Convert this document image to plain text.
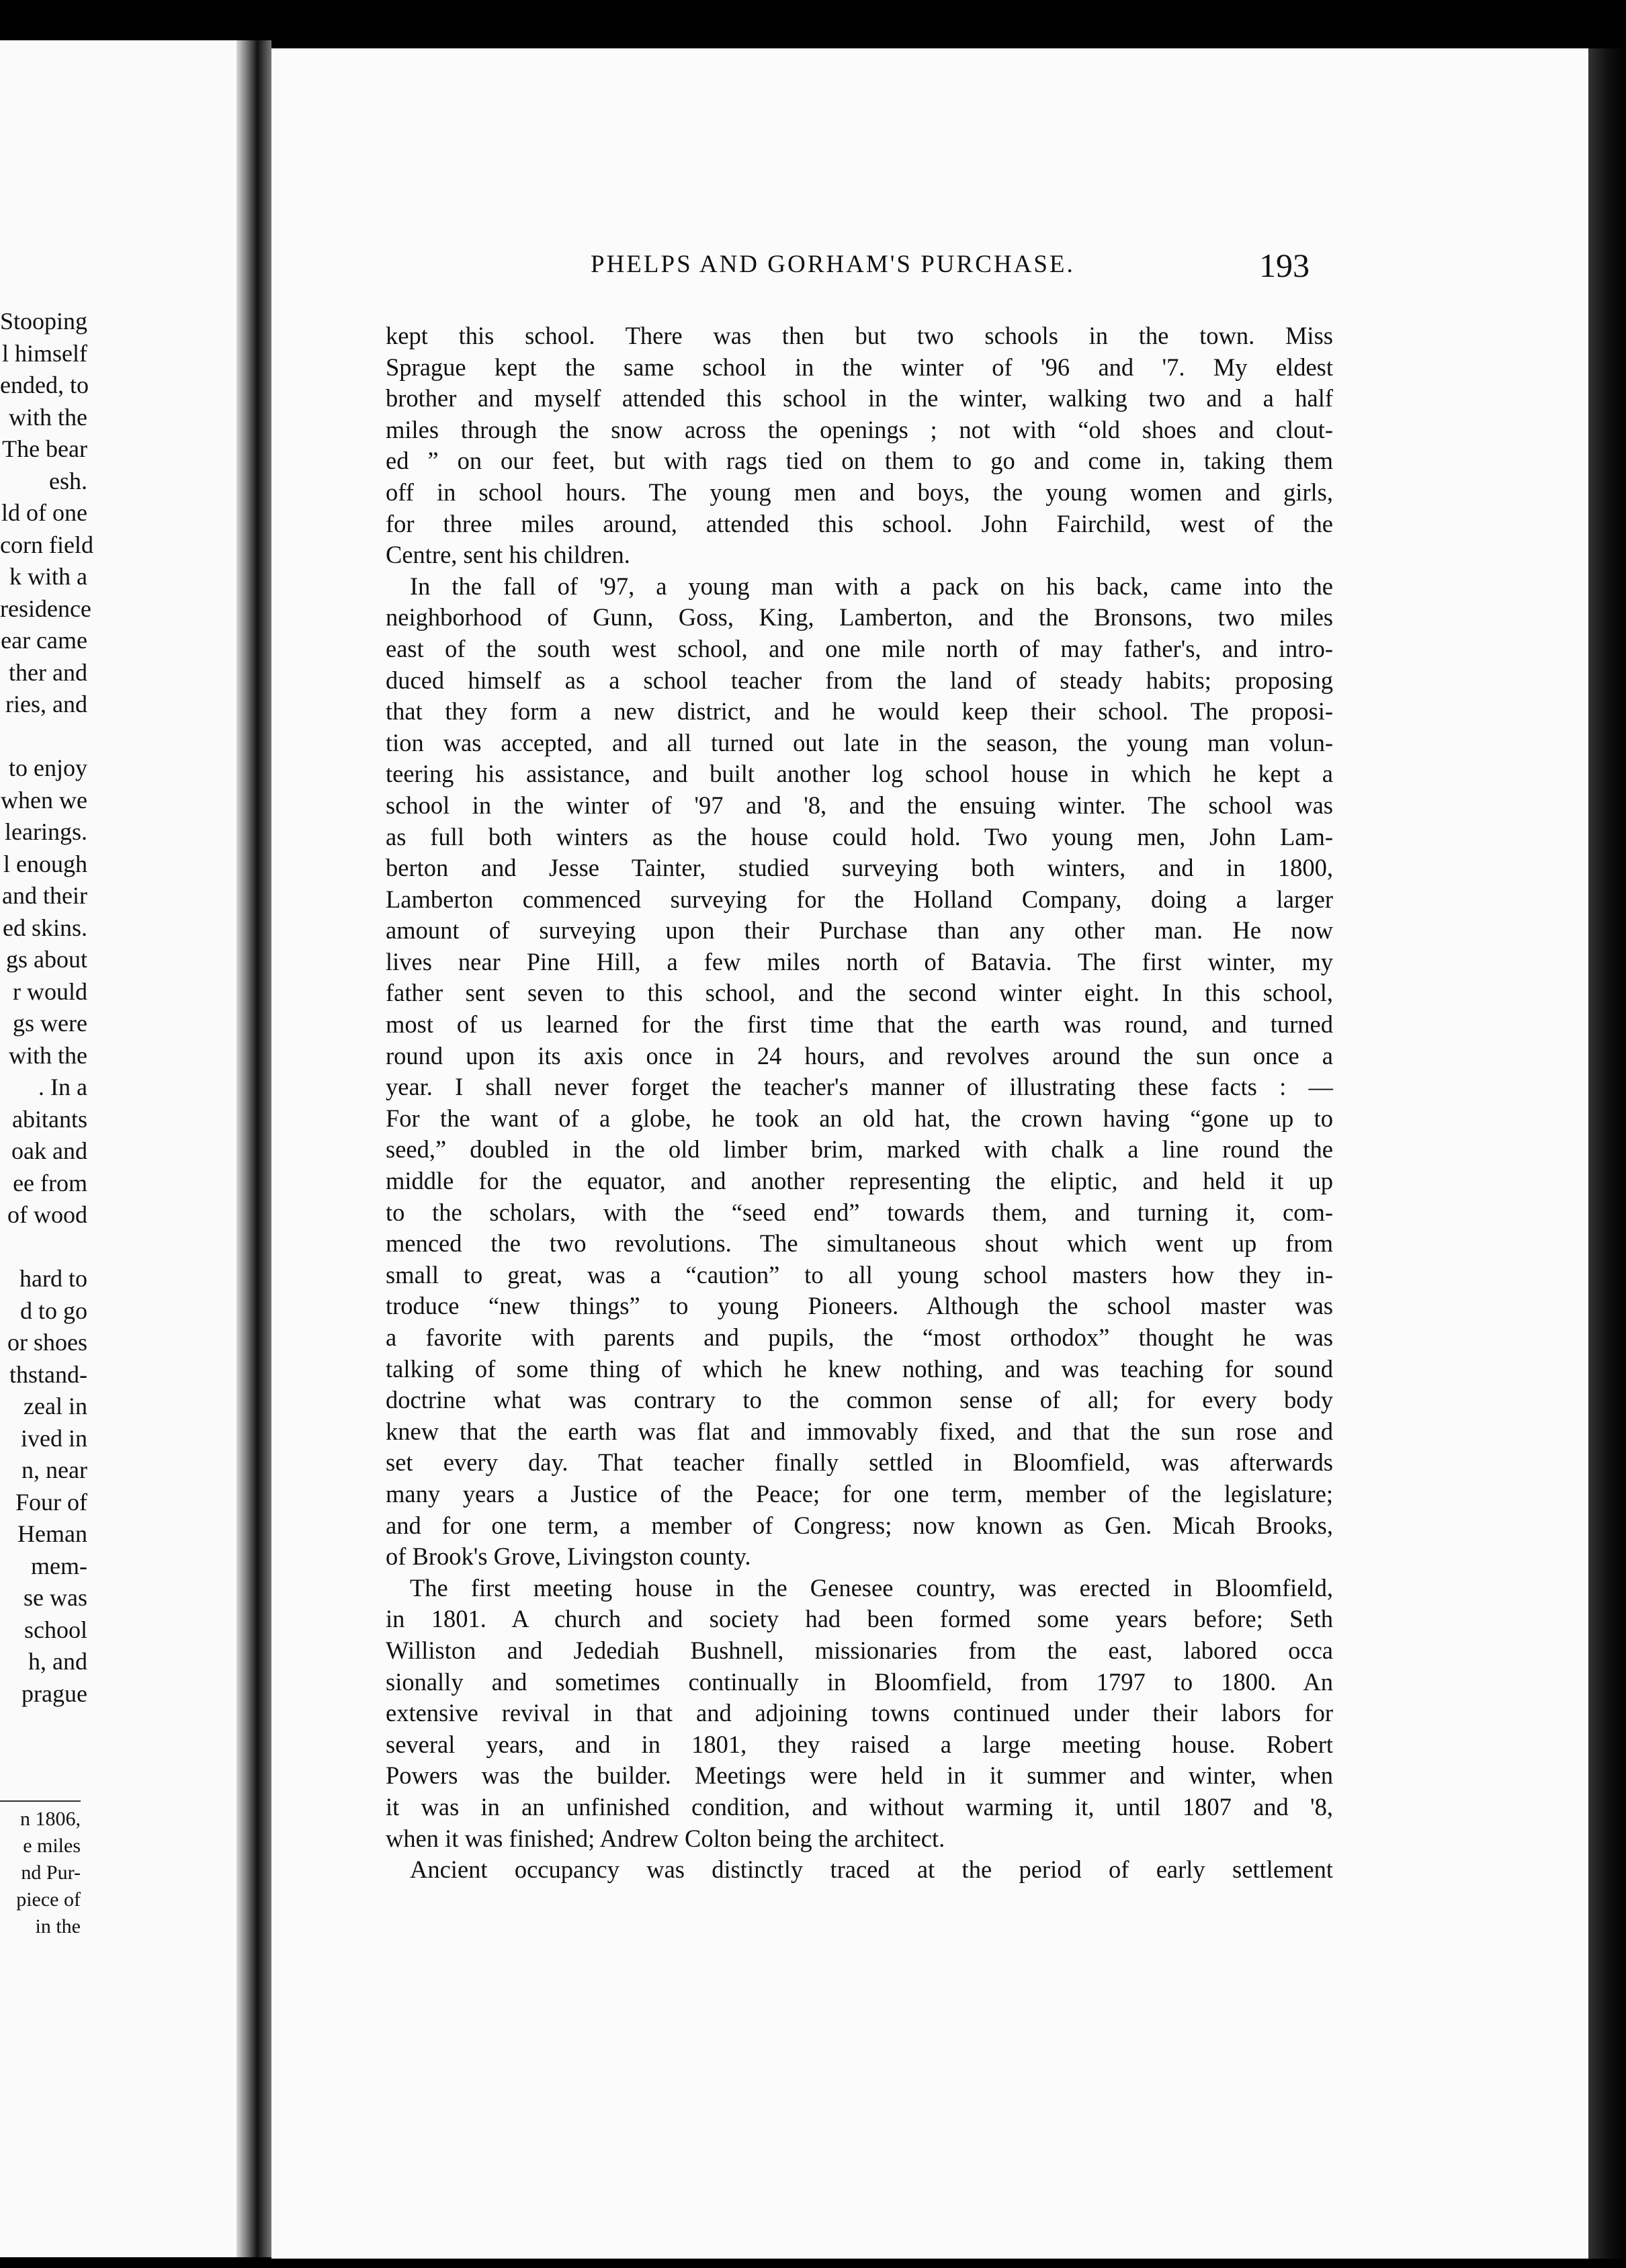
Stooping
l himself
ended, to
with the
The bear
esh.
ld of one
corn field
k with a
residence
ear came
ther and
ries, and
to enjoy
when we
learings.
l enough
and their
ed skins.
gs about
r would
gs were
with the
. In a
abitants
oak and
ee from
of wood
hard to
d to go
or shoes
thstand-
zeal in
ived in
n, near
Four of
Heman
mem-
se was
school
h, and
prague
n 1806,
e miles
nd Pur-
piece of
in the
PHELPS AND GORHAM'S PURCHASE.	193
kept this school. There was then but two schools in the town. Miss
Sprague kept the same school in the winter of '96 and '7. My eldest
brother and myself attended this school in the winter, walking two and a half
miles through the snow across the openings ; not with “old shoes and clout-
ed ” on our feet, but with rags tied on them to go and come in, taking them
off in school hours. The young men and boys, the young women and girls,
for three miles around, attended this school. John Fairchild, west of the
Centre, sent his children.
In the fall of '97, a young man with a pack on his back, came into the
neighborhood of Gunn, Goss, King, Lamberton, and the Bronsons, two miles
east of the south west school, and one mile north of may father's, and intro-
duced himself as a school teacher from the land of steady habits; proposing
that they form a new district, and he would keep their school. The proposi-
tion was accepted, and all turned out late in the season, the young man volun-
teering his assistance, and built another log school house in which he kept a
school in the winter of '97 and '8, and the ensuing winter. The school was
as full both winters as the house could hold. Two young men, John Lam-
berton and Jesse Tainter, studied surveying both winters, and in 1800,
Lamberton commenced surveying for the Holland Company, doing a larger
amount of surveying upon their Purchase than any other man. He now
lives near Pine Hill, a few miles north of Batavia. The first winter, my
father sent seven to this school, and the second winter eight. In this school,
most of us learned for the first time that the earth was round, and turned
round upon its axis once in 24 hours, and revolves around the sun once a
year. I shall never forget the teacher's manner of illustrating these facts : —
For the want of a globe, he took an old hat, the crown having “gone up to
seed,” doubled in the old limber brim, marked with chalk a line round the
middle for the equator, and another representing the eliptic, and held it up
to the scholars, with the “seed end” towards them, and turning it, com-
menced the two revolutions. The simultaneous shout which went up from
small to great, was a “caution” to all young school masters how they in-
troduce “new things” to young Pioneers. Although the school master was
a favorite with parents and pupils, the “most orthodox” thought he was
talking of some thing of which he knew nothing, and was teaching for sound
doctrine what was contrary to the common sense of all; for every body
knew that the earth was flat and immovably fixed, and that the sun rose and
set every day. That teacher finally settled in Bloomfield, was afterwards
many years a Justice of the Peace; for one term, member of the legislature;
and for one term, a member of Congress; now known as Gen. Micah Brooks,
of Brook's Grove, Livingston county.
The first meeting house in the Genesee country, was erected in Bloomfield,
in 1801. A church and society had been formed some years before; Seth
Williston and Jedediah Bushnell, missionaries from the east, labored occa
sionally and sometimes continually in Bloomfield, from 1797 to 1800. An
extensive revival in that and adjoining towns continued under their labors for
several years, and in 1801, they raised a large meeting house. Robert
Powers was the builder. Meetings were held in it summer and winter, when
it was in an unfinished condition, and without warming it, until 1807 and '8,
when it was finished; Andrew Colton being the architect.
Ancient occupancy was distinctly traced at the period of early settlement
